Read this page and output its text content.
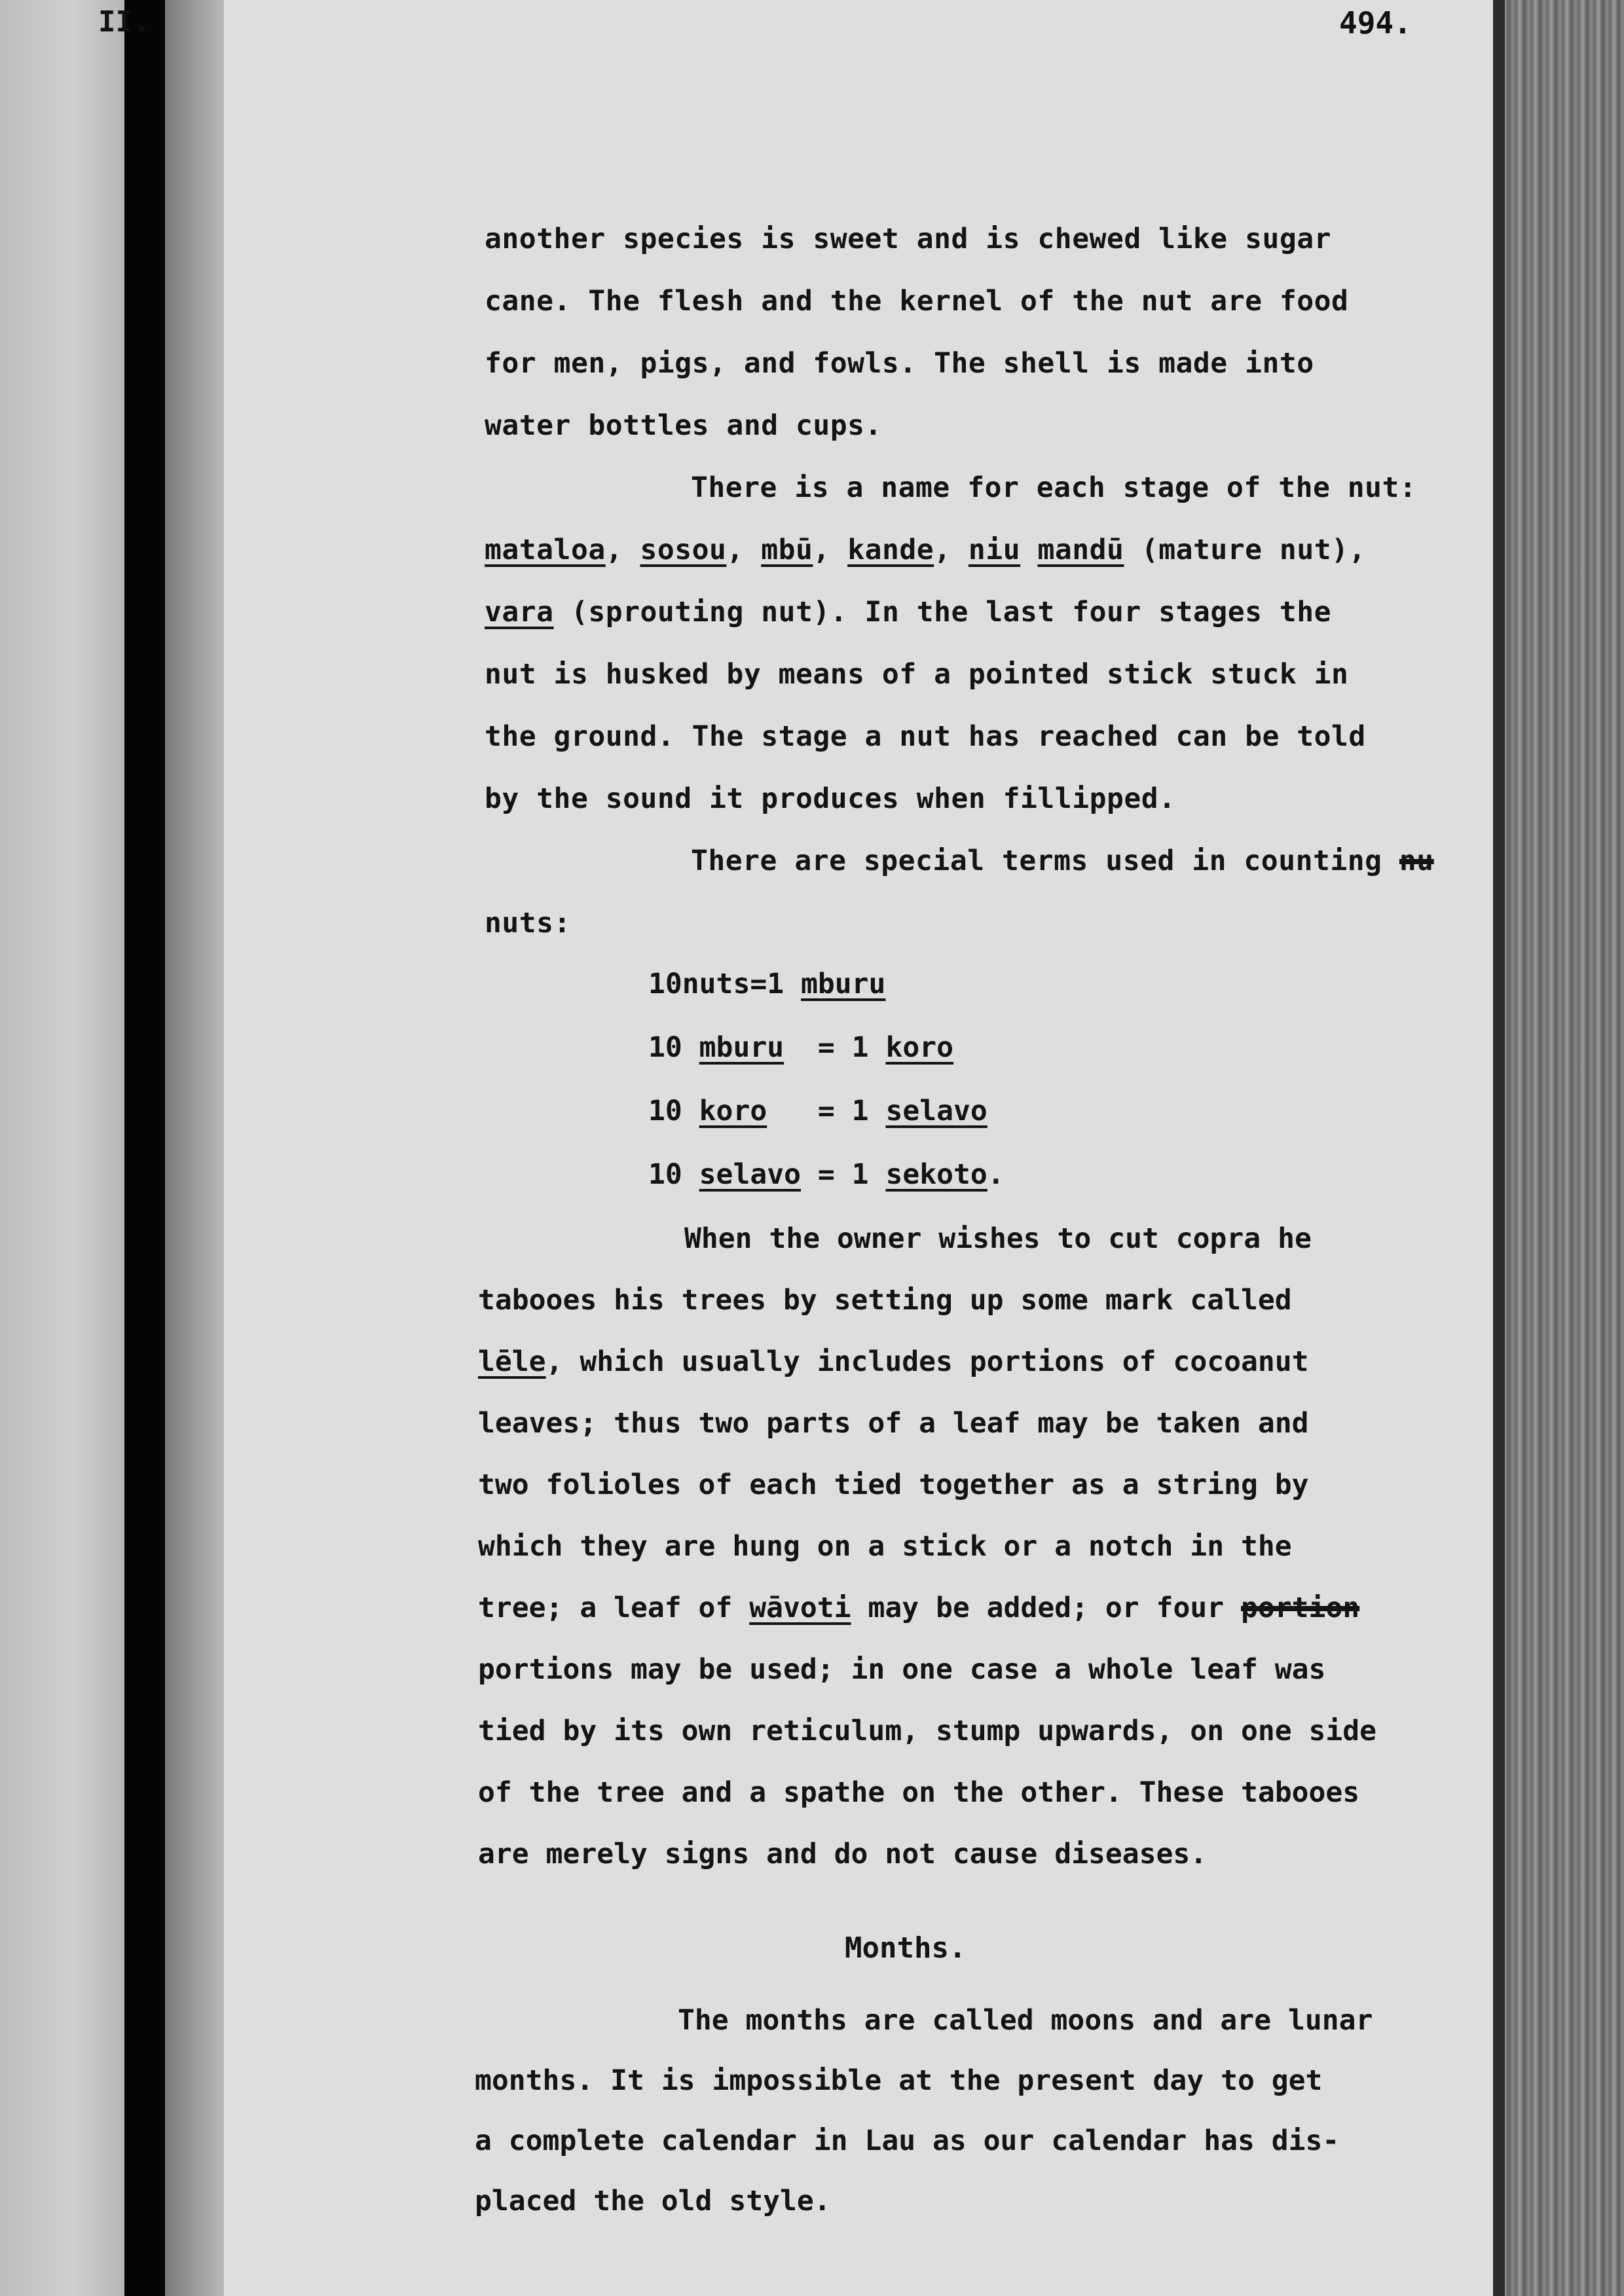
II.	494.

another species is sweet and is chewed like sugar

cane. The flesh and the kernel of the nut are food

for men, pigs, and fowls. The shell is made into

water bottles and cups.

There is a name for each stage of the nut:

mataloa, sosou, mbū, kande, niu mandū (mature nut),

vara (sprouting nut). In the last four stages the

nut is husked by means of a pointed stick stuck in

the ground. The stage a nut has reached can be told

by the sound it produces when fillipped.

There are special terms used in counting nu

nuts:

10nuts=1 mburu

10 mburu  = 1 koro

10 koro   = 1 selavo

10 selavo = 1 sekoto.

When the owner wishes to cut copra he

tabooes his trees by setting up some mark called

lēle, which usually includes portions of cocoanut

leaves; thus two parts of a leaf may be taken and

two folioles of each tied together as a string by

which they are hung on a stick or a notch in the

tree; a leaf of wāvoti may be added; or four portion

portions may be used; in one case a whole leaf was

tied by its own reticulum, stump upwards, on one side

of the tree and a spathe on the other. These tabooes

are merely signs and do not cause diseases.

Months.

The months are called moons and are lunar

months. It is impossible at the present day to get

a complete calendar in Lau as our calendar has dis-

placed the old style.
